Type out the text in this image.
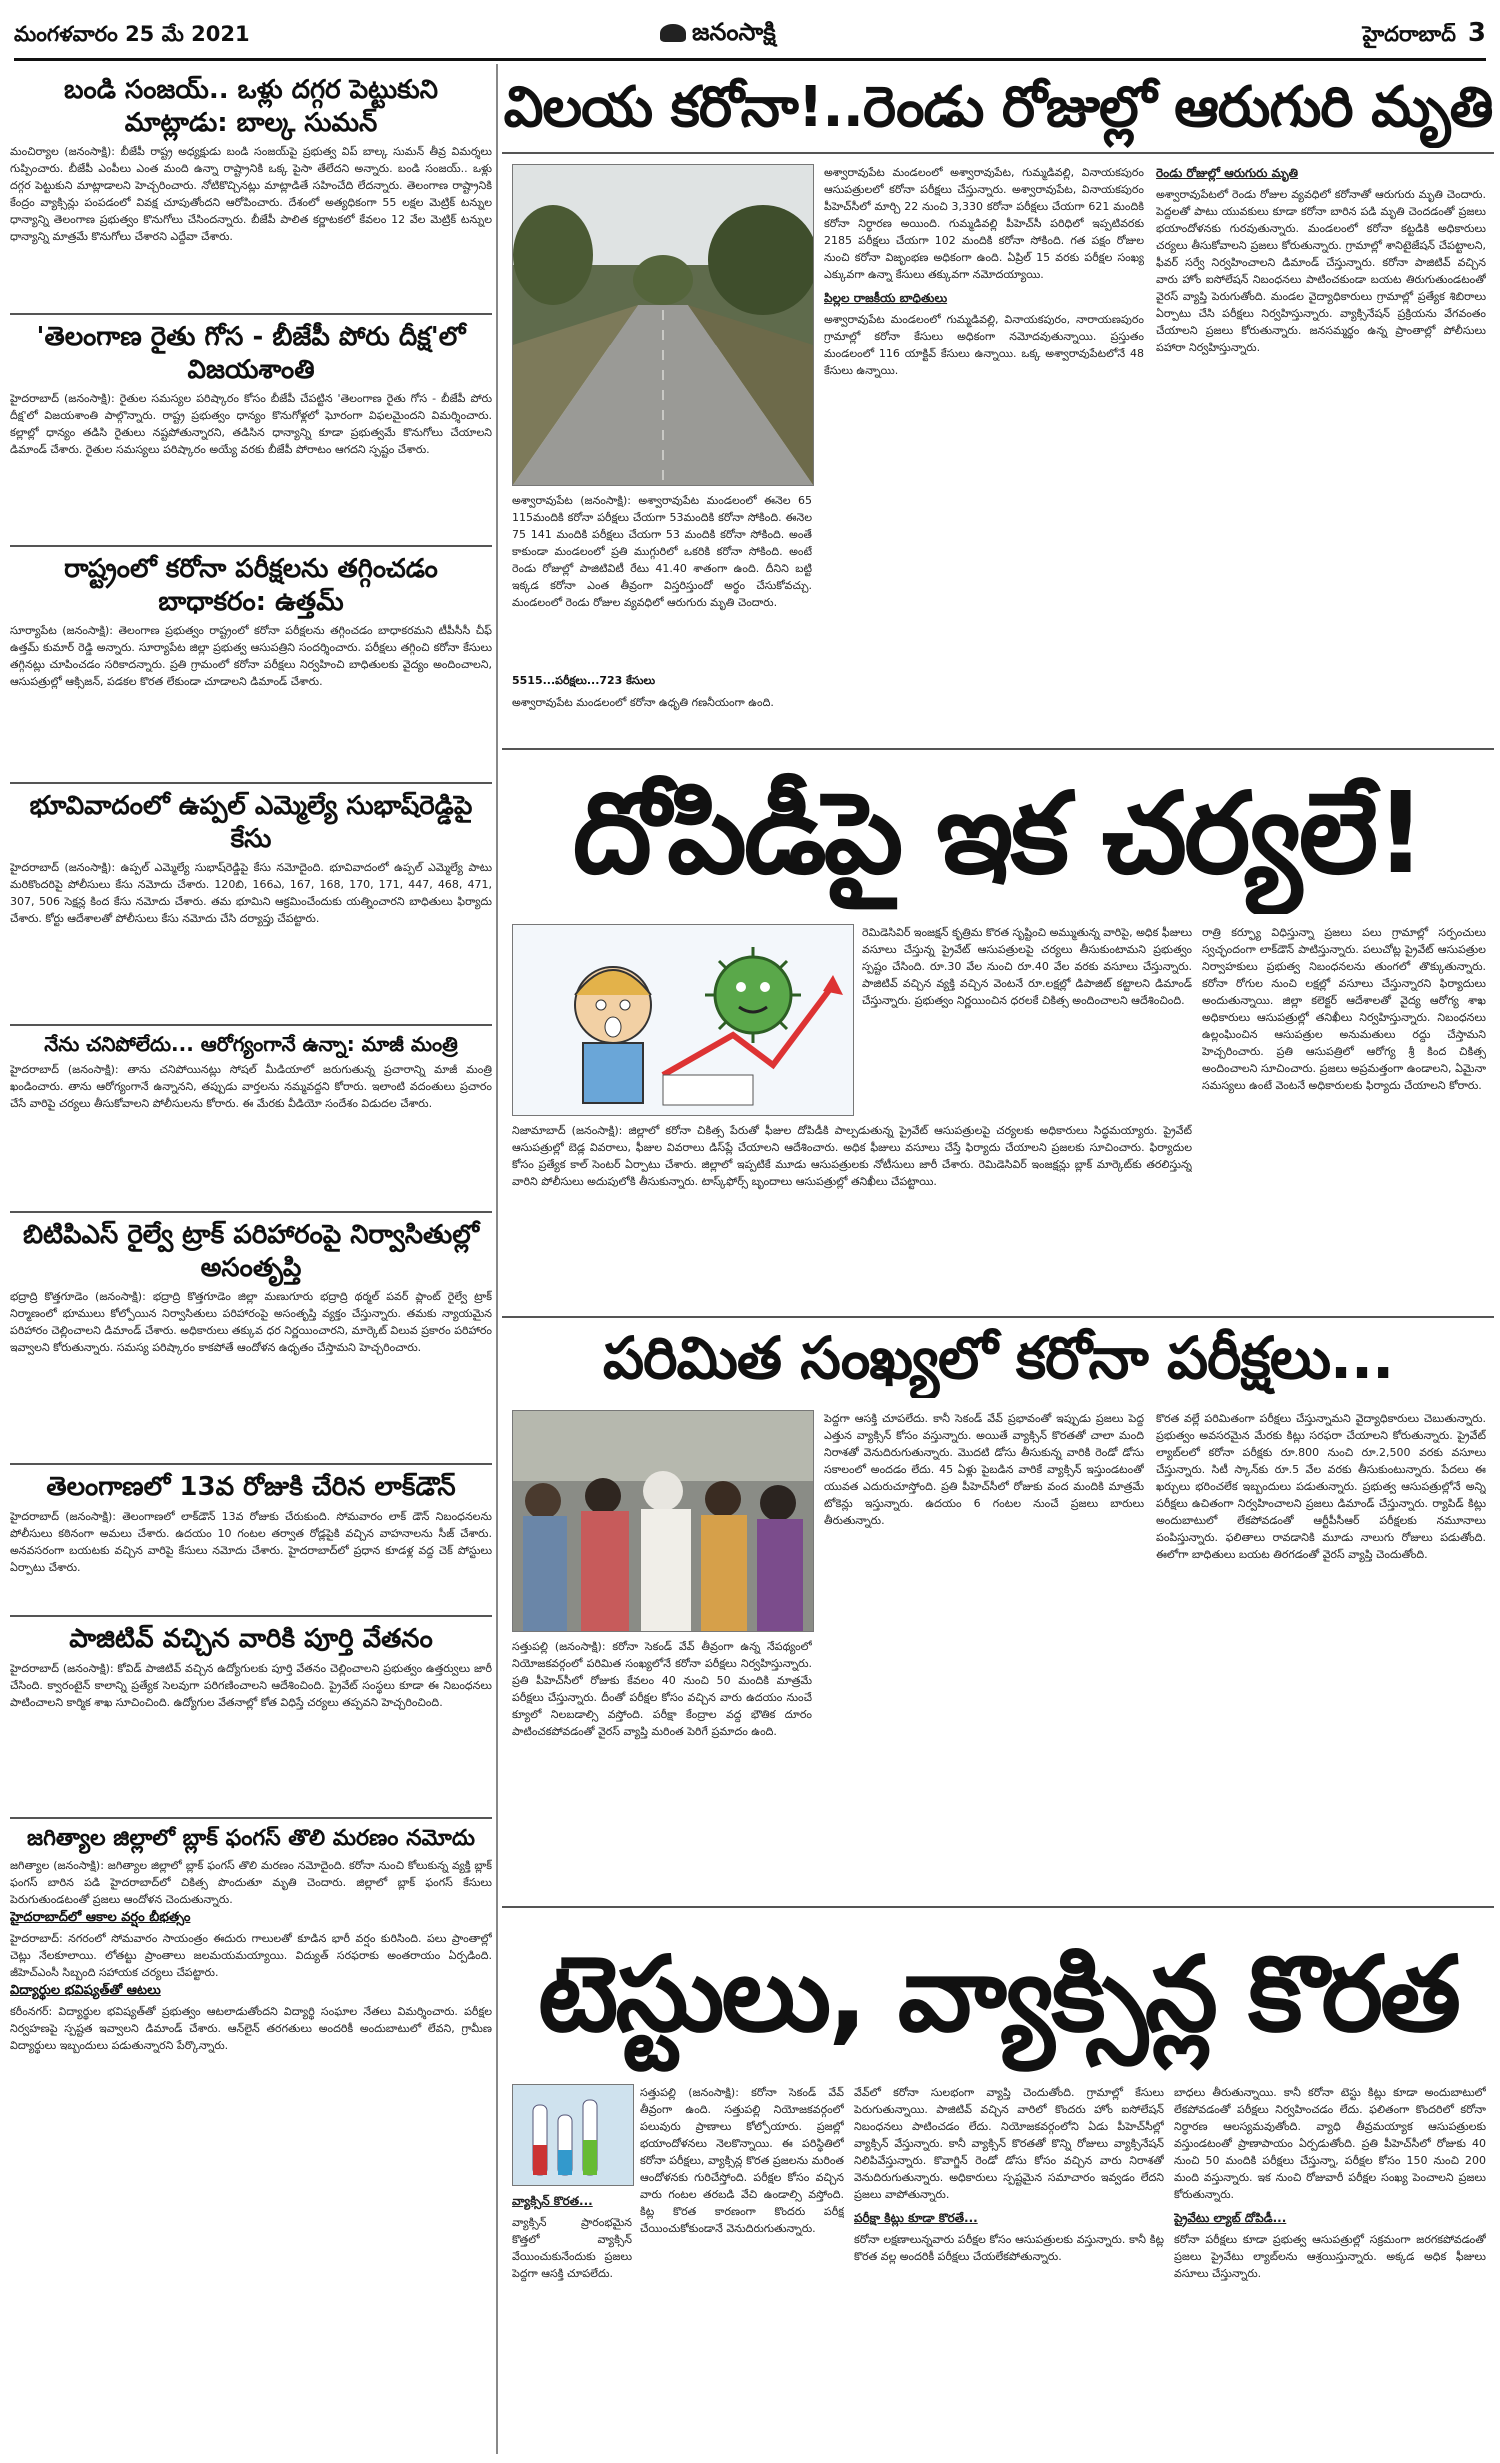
మంగళవారం 25 మే 2021	జనంసాక్షి	హైదరాబాద్ 3
బండి సంజయ్.. ఒళ్లు దగ్గర పెట్టుకుని మాట్లాడు: బాల్క సుమన్

మంచిర్యాల (జనంసాక్షి): బీజేపీ రాష్ట్ర అధ్యక్షుడు బండి సంజయ్‌పై ప్రభుత్వ విప్ బాల్క సుమన్ తీవ్ర విమర్శలు గుప్పించారు. బీజేపీ ఎంపీలు ఎంత మంది ఉన్నా రాష్ట్రానికి ఒక్క పైసా తేలేదని అన్నారు. బండి సంజయ్.. ఒళ్లు దగ్గర పెట్టుకుని మాట్లాడాలని హెచ్చరించారు. నోటికొచ్చినట్లు మాట్లాడితే సహించేది లేదన్నారు. తెలంగాణ రాష్ట్రానికి కేంద్రం వ్యాక్సిన్లు పంపడంలో వివక్ష చూపుతోందని ఆరోపించారు. దేశంలో అత్యధికంగా 55 లక్షల మెట్రిక్ టన్నుల ధాన్యాన్ని తెలంగాణ ప్రభుత్వం కొనుగోలు చేసిందన్నారు. బీజేపీ పాలిత కర్ణాటకలో కేవలం 12 వేల మెట్రిక్ టన్నుల ధాన్యాన్ని మాత్రమే కొనుగోలు చేశారని ఎద్దేవా చేశారు.

'తెలంగాణ రైతు గోస - బీజేపీ పోరు దీక్ష'లో విజయశాంతి

హైదరాబాద్ (జనంసాక్షి): రైతుల సమస్యల పరిష్కారం కోసం బీజేపీ చేపట్టిన 'తెలంగాణ రైతు గోస - బీజేపీ పోరు దీక్ష'లో విజయశాంతి పాల్గొన్నారు. రాష్ట్ర ప్రభుత్వం ధాన్యం కొనుగోళ్లలో ఘోరంగా విఫలమైందని విమర్శించారు. కల్లాల్లో ధాన్యం తడిసి రైతులు నష్టపోతున్నారని, తడిసిన ధాన్యాన్ని కూడా ప్రభుత్వమే కొనుగోలు చేయాలని డిమాండ్ చేశారు. రైతుల సమస్యలు పరిష్కారం అయ్యే వరకు బీజేపీ పోరాటం ఆగదని స్పష్టం చేశారు.

రాష్ట్రంలో కరోనా పరీక్షలను తగ్గించడం బాధాకరం: ఉత్తమ్

సూర్యాపేట (జనంసాక్షి): తెలంగాణ ప్రభుత్వం రాష్ట్రంలో కరోనా పరీక్షలను తగ్గించడం బాధాకరమని టీపీసీసీ చీఫ్ ఉత్తమ్ కుమార్ రెడ్డి అన్నారు. సూర్యాపేట జిల్లా ప్రభుత్వ ఆసుపత్రిని సందర్శించారు. పరీక్షలు తగ్గించి కరోనా కేసులు తగ్గినట్లు చూపించడం సరికాదన్నారు. ప్రతి గ్రామంలో కరోనా పరీక్షలు నిర్వహించి బాధితులకు వైద్యం అందించాలని, ఆసుపత్రుల్లో ఆక్సిజన్, పడకల కొరత లేకుండా చూడాలని డిమాండ్ చేశారు.

భూవివాదంలో ఉప్పల్ ఎమ్మెల్యే సుభాష్‌రెడ్డిపై కేసు

హైదరాబాద్ (జనంసాక్షి): ఉప్పల్ ఎమ్మెల్యే సుభాష్‌రెడ్డిపై కేసు నమోదైంది. భూవివాదంలో ఉప్పల్ ఎమ్మెల్యే పాటు మరికొందరిపై పోలీసులు కేసు నమోదు చేశారు. 120బి, 166ఎ, 167, 168, 170, 171, 447, 468, 471, 307, 506 సెక్షన్ల కింద కేసు నమోదు చేశారు. తమ భూమిని ఆక్రమించేందుకు యత్నించారని బాధితులు ఫిర్యాదు చేశారు. కోర్టు ఆదేశాలతో పోలీసులు కేసు నమోదు చేసి దర్యాప్తు చేపట్టారు.

నేను చనిపోలేదు... ఆరోగ్యంగానే ఉన్నా: మాజీ మంత్రి

హైదరాబాద్ (జనంసాక్షి): తాను చనిపోయినట్లు సోషల్ మీడియాలో జరుగుతున్న ప్రచారాన్ని మాజీ మంత్రి ఖండించారు. తాను ఆరోగ్యంగానే ఉన్నానని, తప్పుడు వార్తలను నమ్మవద్దని కోరారు. ఇలాంటి వదంతులు ప్రచారం చేసే వారిపై చర్యలు తీసుకోవాలని పోలీసులను కోరారు. ఈ మేరకు వీడియో సందేశం విడుదల చేశారు.

బిటిపిఎస్ రైల్వే ట్రాక్ పరిహారంపై నిర్వాసితుల్లో అసంతృప్తి

భద్రాద్రి కొత్తగూడెం (జనంసాక్షి): భద్రాద్రి కొత్తగూడెం జిల్లా మణుగూరు భద్రాద్రి థర్మల్ పవర్ ప్లాంట్ రైల్వే ట్రాక్ నిర్మాణంలో భూములు కోల్పోయిన నిర్వాసితులు పరిహారంపై అసంతృప్తి వ్యక్తం చేస్తున్నారు. తమకు న్యాయమైన పరిహారం చెల్లించాలని డిమాండ్ చేశారు. అధికారులు తక్కువ ధర నిర్ణయించారని, మార్కెట్ విలువ ప్రకారం పరిహారం ఇవ్వాలని కోరుతున్నారు. సమస్య పరిష్కారం కాకపోతే ఆందోళన ఉధృతం చేస్తామని హెచ్చరించారు.

తెలంగాణలో 13వ రోజుకి చేరిన లాక్‌డౌన్

హైదరాబాద్ (జనంసాక్షి): తెలంగాణలో లాక్‌డౌన్ 13వ రోజుకు చేరుకుంది. సోమవారం లాక్ డౌన్ నిబంధనలను పోలీసులు కఠినంగా అమలు చేశారు. ఉదయం 10 గంటల తర్వాత రోడ్లపైకి వచ్చిన వాహనాలను సీజ్ చేశారు. అనవసరంగా బయటకు వచ్చిన వారిపై కేసులు నమోదు చేశారు. హైదరాబాద్‌లో ప్రధాన కూడళ్ల వద్ద చెక్ పోస్టులు ఏర్పాటు చేశారు.

పాజిటివ్ వచ్చిన వారికి పూర్తి వేతనం

హైదరాబాద్ (జనంసాక్షి): కోవిడ్ పాజిటివ్ వచ్చిన ఉద్యోగులకు పూర్తి వేతనం చెల్లించాలని ప్రభుత్వం ఉత్తర్వులు జారీ చేసింది. క్వారంటైన్ కాలాన్ని ప్రత్యేక సెలవుగా పరిగణించాలని ఆదేశించింది. ప్రైవేట్ సంస్థలు కూడా ఈ నిబంధనలు పాటించాలని కార్మిక శాఖ సూచించింది. ఉద్యోగుల వేతనాల్లో కోత విధిస్తే చర్యలు తప్పవని హెచ్చరించింది.

జగిత్యాల జిల్లాలో బ్లాక్ ఫంగస్ తొలి మరణం నమోదు

జగిత్యాల (జనంసాక్షి): జగిత్యాల జిల్లాలో బ్లాక్ ఫంగస్ తొలి మరణం నమోదైంది. కరోనా నుంచి కోలుకున్న వ్యక్తి బ్లాక్ ఫంగస్ బారిన పడి హైదరాబాద్‌లో చికిత్స పొందుతూ మృతి చెందారు. జిల్లాలో బ్లాక్ ఫంగస్ కేసులు పెరుగుతుండటంతో ప్రజలు ఆందోళన చెందుతున్నారు.

హైదరాబాద్‌లో ఆకాల వర్షం బీభత్సం

హైదరాబాద్: నగరంలో సోమవారం సాయంత్రం ఈదురు గాలులతో కూడిన భారీ వర్షం కురిసింది. పలు ప్రాంతాల్లో చెట్లు నేలకూలాయి. లోతట్టు ప్రాంతాలు జలమయమయ్యాయి. విద్యుత్ సరఫరాకు అంతరాయం ఏర్పడింది. జీహెచ్ఎంసీ సిబ్బంది సహాయక చర్యలు చేపట్టారు.

విద్యార్థుల భవిష్యత్‌తో ఆటలు

కరీంనగర్: విద్యార్థుల భవిష్యత్‌తో ప్రభుత్వం ఆటలాడుతోందని విద్యార్థి సంఘాల నేతలు విమర్శించారు. పరీక్షల నిర్వహణపై స్పష్టత ఇవ్వాలని డిమాండ్ చేశారు. ఆన్‌లైన్ తరగతులు అందరికీ అందుబాటులో లేవని, గ్రామీణ విద్యార్థులు ఇబ్బందులు పడుతున్నారని పేర్కొన్నారు.

విలయ కరోనా!..రెండు రోజుల్లో ఆరుగురి మృతి
5515...పరీక్షలు...723 కేసులు
అశ్వారావుపేట (జనంసాక్షి): అశ్వారావుపేట మండలంలో ఈనెల 65 115మందికి కరోనా పరీక్షలు చేయగా 53మందికి కరోనా సోకింది. ఈనెల 75 141 మందికి పరీక్షలు చేయగా 53 మందికి కరోనా సోకింది. అంతే కాకుండా మండలంలో ప్రతి ముగ్గురిలో ఒకరికి కరోనా సోకింది. అంటే రెండు రోజుల్లో పాజిటివిటీ రేటు 41.40 శాతంగా ఉంది. దీనిని బట్టి ఇక్కడ కరోనా ఎంత తీవ్రంగా విస్తరిస్తుందో అర్థం చేసుకోవచ్చు. మండలంలో రెండు రోజుల వ్యవధిలో ఆరుగురు మృతి చెందారు.
అశ్వారావుపేట మండలంలో కరోనా ఉధృతి గణనీయంగా ఉంది.
అశ్వారావుపేట మండలంలో అశ్వారావుపేట, గుమ్మడివల్లి, వినాయకపురం ఆసుపత్రులలో కరోనా పరీక్షలు చేస్తున్నారు. అశ్వారావుపేట, వినాయకపురం పీహెచ్‌సీలో మార్చి 22 నుంచి 3,330 కరోనా పరీక్షలు చేయగా 621 మందికి కరోనా నిర్ధారణ అయింది. గుమ్మడివల్లి పీహెచ్‌సీ పరిధిలో ఇప్పటివరకు 2185 పరీక్షలు చేయగా 102 మందికి కరోనా సోకింది. గత పక్షం రోజుల నుంచి కరోనా విజృంభణ అధికంగా ఉంది. ఏప్రిల్ 15 వరకు పరీక్షల సంఖ్య ఎక్కువగా ఉన్నా కేసులు తక్కువగా నమోదయ్యాయి.
పిల్లల రాజకీయ బాధితులు
అశ్వారావుపేట మండలంలో గుమ్మడివల్లి, వినాయకపురం, నారాయణపురం గ్రామాల్లో కరోనా కేసులు అధికంగా నమోదవుతున్నాయి. ప్రస్తుతం మండలంలో 116 యాక్టివ్ కేసులు ఉన్నాయి. ఒక్క అశ్వారావుపేటలోనే 48 కేసులు ఉన్నాయి.
రెండు రోజుల్లో ఆరుగురు మృతి
అశ్వారావుపేటలో రెండు రోజుల వ్యవధిలో కరోనాతో ఆరుగురు మృతి చెందారు. పెద్దలతో పాటు యువకులు కూడా కరోనా బారిన పడి మృతి చెందడంతో ప్రజలు భయాందోళనకు గురవుతున్నారు. మండలంలో కరోనా కట్టడికి అధికారులు చర్యలు తీసుకోవాలని ప్రజలు కోరుతున్నారు. గ్రామాల్లో శానిటైజేషన్ చేపట్టాలని, ఫీవర్ సర్వే నిర్వహించాలని డిమాండ్ చేస్తున్నారు. కరోనా పాజిటివ్ వచ్చిన వారు హోం ఐసోలేషన్ నిబంధనలు పాటించకుండా బయట తిరుగుతుండటంతో వైరస్ వ్యాప్తి పెరుగుతోంది. మండల వైద్యాధికారులు గ్రామాల్లో ప్రత్యేక శిబిరాలు ఏర్పాటు చేసి పరీక్షలు నిర్వహిస్తున్నారు. వ్యాక్సినేషన్ ప్రక్రియను వేగవంతం చేయాలని ప్రజలు కోరుతున్నారు. జనసమ్మర్థం ఉన్న ప్రాంతాల్లో పోలీసులు పహారా నిర్వహిస్తున్నారు.
దోపిడీపై ఇక చర్యలే!
రెమిడెసివిర్ ఇంజక్షన్ కృత్రిమ కొరత సృష్టించి అమ్ముతున్న వారిపై, అధిక ఫీజులు వసూలు చేస్తున్న ప్రైవేట్ ఆసుపత్రులపై చర్యలు తీసుకుంటామని ప్రభుత్వం స్పష్టం చేసింది. రూ.30 వేల నుంచి రూ.40 వేల వరకు వసూలు చేస్తున్నారు. పాజిటివ్ వచ్చిన వ్యక్తి వచ్చిన వెంటనే రూ.లక్షల్లో డిపాజిట్ కట్టాలని డిమాండ్ చేస్తున్నారు. ప్రభుత్వం నిర్ణయించిన ధరలకే చికిత్స అందించాలని ఆదేశించింది.
నిజామాబాద్ (జనంసాక్షి): జిల్లాలో కరోనా చికిత్స పేరుతో ఫీజుల దోపిడీకి పాల్పడుతున్న ప్రైవేట్ ఆసుపత్రులపై చర్యలకు అధికారులు సిద్ధమయ్యారు. ప్రైవేట్ ఆసుపత్రుల్లో బెడ్ల వివరాలు, ఫీజుల వివరాలు డిస్‌ప్లే చేయాలని ఆదేశించారు. అధిక ఫీజులు వసూలు చేస్తే ఫిర్యాదు చేయాలని ప్రజలకు సూచించారు. ఫిర్యాదుల కోసం ప్రత్యేక కాల్ సెంటర్ ఏర్పాటు చేశారు. జిల్లాలో ఇప్పటికే మూడు ఆసుపత్రులకు నోటీసులు జారీ చేశారు. రెమిడెసివిర్ ఇంజక్షన్లు బ్లాక్ మార్కెట్‌కు తరలిస్తున్న వారిని పోలీసులు అదుపులోకి తీసుకున్నారు. టాస్క్‌ఫోర్స్ బృందాలు ఆసుపత్రుల్లో తనిఖీలు చేపట్టాయి.
రాత్రి కర్ఫ్యూ విధిస్తున్నా ప్రజలు పలు గ్రామాల్లో సర్పంచులు స్వచ్ఛందంగా లాక్‌డౌన్ పాటిస్తున్నారు. పలుచోట్ల ప్రైవేట్ ఆసుపత్రుల నిర్వాహకులు ప్రభుత్వ నిబంధనలను తుంగలో తొక్కుతున్నారు. కరోనా రోగుల నుంచి లక్షల్లో వసూలు చేస్తున్నారని ఫిర్యాదులు అందుతున్నాయి. జిల్లా కలెక్టర్ ఆదేశాలతో వైద్య ఆరోగ్య శాఖ అధికారులు ఆసుపత్రుల్లో తనిఖీలు నిర్వహిస్తున్నారు. నిబంధనలు ఉల్లంఘించిన ఆసుపత్రుల అనుమతులు రద్దు చేస్తామని హెచ్చరించారు. ప్రతి ఆసుపత్రిలో ఆరోగ్య శ్రీ కింద చికిత్స అందించాలని సూచించారు. ప్రజలు అప్రమత్తంగా ఉండాలని, ఏమైనా సమస్యలు ఉంటే వెంటనే అధికారులకు ఫిర్యాదు చేయాలని కోరారు.
పరిమిత సంఖ్యలో కరోనా పరీక్షలు...
సత్తుపల్లి (జనంసాక్షి): కరోనా సెకండ్ వేవ్ తీవ్రంగా ఉన్న నేపథ్యంలో నియోజకవర్గంలో పరిమిత సంఖ్యలోనే కరోనా పరీక్షలు నిర్వహిస్తున్నారు. ప్రతి పీహెచ్‌సీలో రోజుకు కేవలం 40 నుంచి 50 మందికి మాత్రమే పరీక్షలు చేస్తున్నారు. దీంతో పరీక్షల కోసం వచ్చిన వారు ఉదయం నుంచే క్యూలో నిలబడాల్సి వస్తోంది. పరీక్షా కేంద్రాల వద్ద భౌతిక దూరం పాటించకపోవడంతో వైరస్ వ్యాప్తి మరింత పెరిగే ప్రమాదం ఉంది.
పెద్దగా ఆసక్తి చూపలేదు. కానీ సెకండ్ వేవ్ ప్రభావంతో ఇప్పుడు ప్రజలు పెద్ద ఎత్తున వ్యాక్సిన్ కోసం వస్తున్నారు. అయితే వ్యాక్సిన్ కొరతతో చాలా మంది నిరాశతో వెనుదిరుగుతున్నారు. మొదటి డోసు తీసుకున్న వారికి రెండో డోసు సకాలంలో అందడం లేదు. 45 ఏళ్లు పైబడిన వారికే వ్యాక్సిన్ ఇస్తుండటంతో యువత ఎదురుచూస్తోంది. ప్రతి పీహెచ్‌సీలో రోజుకు వంద మందికి మాత్రమే టోకెన్లు ఇస్తున్నారు. ఉదయం 6 గంటల నుంచే ప్రజలు బారులు తీరుతున్నారు.
కొరత వల్లే పరిమితంగా పరీక్షలు చేస్తున్నామని వైద్యాధికారులు చెబుతున్నారు. ప్రభుత్వం అవసరమైన మేరకు కిట్లు సరఫరా చేయాలని కోరుతున్నారు. ప్రైవేట్ ల్యాబ్‌లలో కరోనా పరీక్షకు రూ.800 నుంచి రూ.2,500 వరకు వసూలు చేస్తున్నారు. సిటీ స్కాన్‌కు రూ.5 వేల వరకు తీసుకుంటున్నారు. పేదలు ఈ ఖర్చులు భరించలేక ఇబ్బందులు పడుతున్నారు. ప్రభుత్వ ఆసుపత్రుల్లోనే అన్ని పరీక్షలు ఉచితంగా నిర్వహించాలని ప్రజలు డిమాండ్ చేస్తున్నారు. ర్యాపిడ్ కిట్లు అందుబాటులో లేకపోవడంతో ఆర్టీపీసీఆర్ పరీక్షలకు నమూనాలు పంపిస్తున్నారు. ఫలితాలు రావడానికి మూడు నాలుగు రోజులు పడుతోంది. ఈలోగా బాధితులు బయట తిరగడంతో వైరస్ వ్యాప్తి చెందుతోంది.
టెస్టులు, వ్యాక్సిన్ల కొరత
సత్తుపల్లి (జనంసాక్షి): కరోనా సెకండ్ వేవ్ తీవ్రంగా ఉంది. సత్తుపల్లి నియోజకవర్గంలో పలువురు ప్రాణాలు కోల్పోయారు. ప్రజల్లో భయాందోళనలు నెలకొన్నాయి. ఈ పరిస్థితిలో కరోనా పరీక్షలు, వ్యాక్సిన్ల కొరత ప్రజలను మరింత ఆందోళనకు గురిచేస్తోంది. పరీక్షల కోసం వచ్చిన వారు గంటల తరబడి వేచి ఉండాల్సి వస్తోంది. కిట్ల కొరత కారణంగా కొందరు పరీక్ష చేయించుకోకుండానే వెనుదిరుగుతున్నారు.
వ్యాక్సిన్ కొరత...
వ్యాక్సిన్ ప్రారంభమైన కొత్తలో వ్యాక్సిన్ వేయించుకునేందుకు ప్రజలు పెద్దగా ఆసక్తి చూపలేదు.
వేవ్‌లో కరోనా సులభంగా వ్యాప్తి చెందుతోంది. గ్రామాల్లో కేసులు పెరుగుతున్నాయి. పాజిటివ్ వచ్చిన వారిలో కొందరు హోం ఐసోలేషన్ నిబంధనలు పాటించడం లేదు. నియోజకవర్గంలోని ఏడు పీహెచ్‌సీల్లో వ్యాక్సిన్ వేస్తున్నారు. కానీ వ్యాక్సిన్ కొరతతో కొన్ని రోజులు వ్యాక్సినేషన్ నిలిపివేస్తున్నారు. కొవాగ్జిన్ రెండో డోసు కోసం వచ్చిన వారు నిరాశతో వెనుదిరుగుతున్నారు. అధికారులు స్పష్టమైన సమాచారం ఇవ్వడం లేదని ప్రజలు వాపోతున్నారు.
పరీక్షా కిట్లు కూడా కొరతే...
కరోనా లక్షణాలున్నవారు పరీక్షల కోసం ఆసుపత్రులకు వస్తున్నారు. కానీ కిట్ల కొరత వల్ల అందరికీ పరీక్షలు చేయలేకపోతున్నారు.
బాధలు తీరుతున్నాయి. కానీ కరోనా టెస్టు కిట్లు కూడా అందుబాటులో లేకపోవడంతో పరీక్షలు నిర్వహించడం లేదు. ఫలితంగా కొందరిలో కరోనా నిర్ధారణ ఆలస్యమవుతోంది. వ్యాధి తీవ్రమయ్యాక ఆసుపత్రులకు వస్తుండటంతో ప్రాణాపాయం ఏర్పడుతోంది. ప్రతి పీహెచ్‌సీలో రోజుకు 40 నుంచి 50 మందికి పరీక్షలు చేస్తున్నా, పరీక్షల కోసం 150 నుంచి 200 మంది వస్తున్నారు. ఇక నుంచి రోజువారీ పరీక్షల సంఖ్య పెంచాలని ప్రజలు కోరుతున్నారు.
ప్రైవేటు ల్యాబ్ దోపిడీ...
కరోనా పరీక్షలు కూడా ప్రభుత్వ ఆసుపత్రుల్లో సక్రమంగా జరగకపోవడంతో ప్రజలు ప్రైవేటు ల్యాబ్‌లను ఆశ్రయిస్తున్నారు. అక్కడ అధిక ఫీజులు వసూలు చేస్తున్నారు.
